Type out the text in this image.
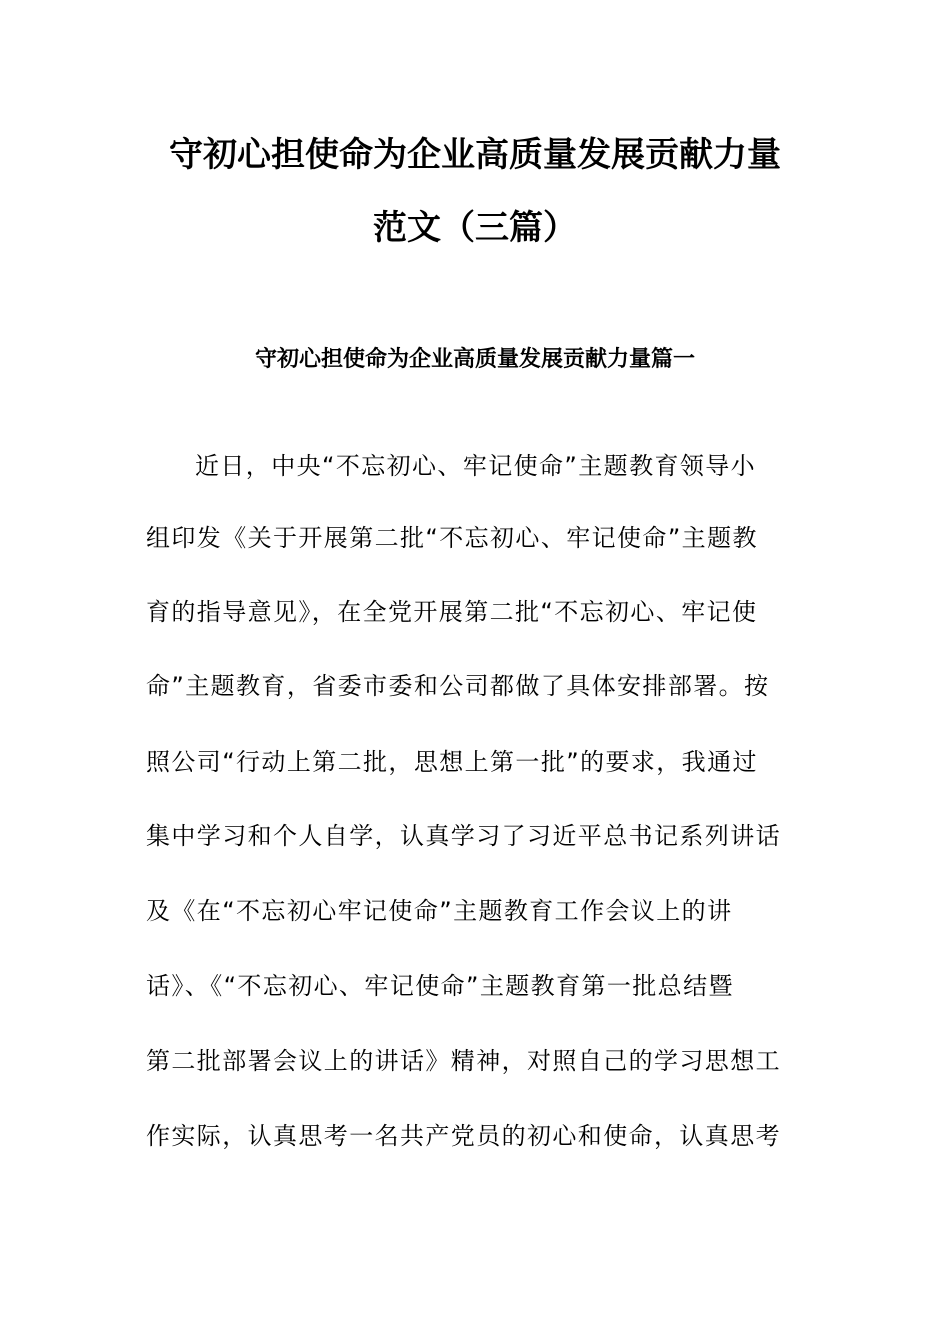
守初心担使命为企业高质量发展贡献力量
范文（三篇）
守初心担使命为企业高质量发展贡献力量篇一

近日，中央“不忘初心、牢记使命”主题教育领导小

组印发《关于开展第二批“不忘初心、牢记使命”主题教

育的指导意见》，在全党开展第二批“不忘初心、牢记使

命”主题教育，省委市委和公司都做了具体安排部署。按

照公司“行动上第二批，思想上第一批”的要求，我通过

集中学习和个人自学，认真学习了习近平总书记系列讲话

及《在“不忘初心牢记使命”主题教育工作会议上的讲

话》、《“不忘初心、牢记使命”主题教育第一批总结暨

第二批部署会议上的讲话》精神，对照自己的学习思想工

作实际，认真思考一名共产党员的初心和使命，认真思考
